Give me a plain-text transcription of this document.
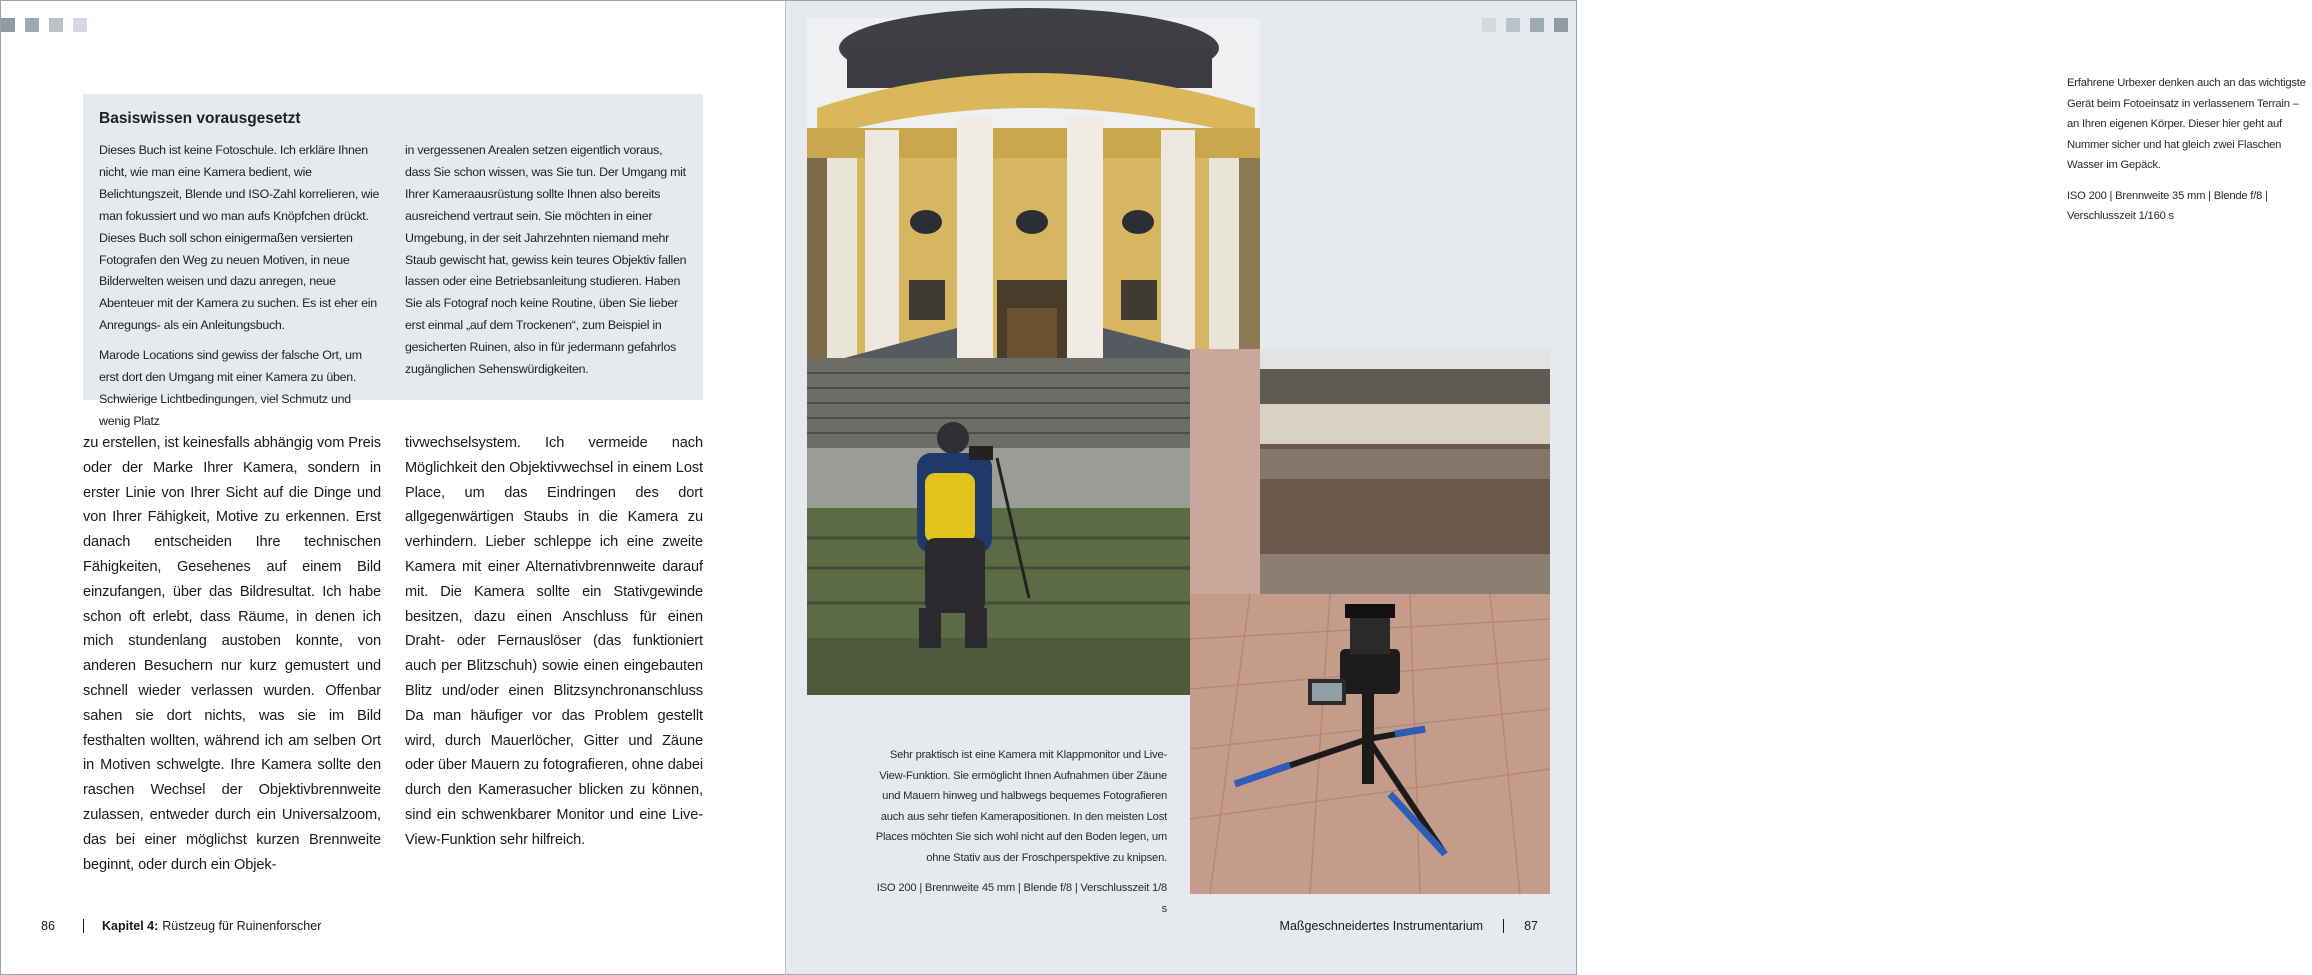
Basiswissen vorausgesetzt

Dieses Buch ist keine Fotoschule. Ich erkläre Ihnen nicht, wie man eine Kamera bedient, wie Belichtungszeit, Blende und ISO-Zahl korrelieren, wie man fokussiert und wo man aufs Knöpfchen drückt. Dieses Buch soll schon einigermaßen versierten Fotografen den Weg zu neuen Motiven, in neue Bilderwelten weisen und dazu anregen, neue Abenteuer mit der Kamera zu suchen. Es ist eher ein Anregungs- als ein Anleitungsbuch.

Marode Locations sind gewiss der falsche Ort, um erst dort den Umgang mit einer Kamera zu üben. Schwierige Lichtbedingungen, viel Schmutz und wenig Platz

in vergessenen Arealen setzen eigentlich voraus, dass Sie schon wissen, was Sie tun. Der Umgang mit Ihrer Kameraausrüstung sollte Ihnen also bereits ausreichend vertraut sein. Sie möchten in einer Umgebung, in der seit Jahrzehnten niemand mehr Staub gewischt hat, gewiss kein teures Objektiv fallen lassen oder eine Betriebsanleitung studieren. Haben Sie als Fotograf noch keine Routine, üben Sie lieber erst einmal „auf dem Trockenen“, zum Beispiel in gesicherten Ruinen, also in für jedermann gefahrlos zugänglichen Sehenswürdigkeiten.

zu erstellen, ist keinesfalls abhängig vom Preis oder der Marke Ihrer Kamera, sondern in erster Linie von Ihrer Sicht auf die Dinge und von Ihrer Fähigkeit, Motive zu erkennen. Erst danach entscheiden Ihre technischen Fähigkeiten, Gesehenes auf einem Bild einzufangen, über das Bildresultat. Ich habe schon oft erlebt, dass Räume, in denen ich mich stundenlang austoben konnte, von anderen Besuchern nur kurz gemustert und schnell wieder verlassen wurden. Offenbar sahen sie dort nichts, was sie im Bild festhalten wollten, während ich am selben Ort in Motiven schwelgte. Ihre Kamera sollte den raschen Wechsel der Objektivbrennweite zulassen, entweder durch ein Universalzoom, das bei einer möglichst kurzen Brennweite beginnt, oder durch ein Objek-
tivwechselsystem. Ich vermeide nach Möglichkeit den Objektivwechsel in einem Lost Place, um das Eindringen des dort allgegenwärtigen Staubs in die Kamera zu verhindern. Lieber schleppe ich eine zweite Kamera mit einer Alternativbrennweite darauf mit. Die Kamera sollte ein Stativgewinde besitzen, dazu einen Anschluss für einen Draht- oder Fernauslöser (das funktioniert auch per Blitzschuh) sowie einen eingebauten Blitz und/oder einen Blitzsynchronanschluss Da man häufiger vor das Problem gestellt wird, durch Mauerlöcher, Gitter und Zäune oder über Mauern zu fotografieren, ohne dabei durch den Kamerasucher blicken zu können, sind ein schwenkbarer Monitor und eine Live-View-Funktion sehr hilfreich.
86	Kapitel 4: Rüstzeug für Ruinenforscher

Erfahrene Urbexer denken auch an das wichtigste Gerät beim Fotoeinsatz in verlassenem Terrain – an Ihren eigenen Körper. Dieser hier geht auf Nummer sicher und hat gleich zwei Flaschen Wasser im Gepäck.

ISO 200 | Brennweite 35 mm | Blende f/8 | Verschlusszeit 1/160 s

Sehr praktisch ist eine Kamera mit Klappmonitor und Live-View-Funktion. Sie ermöglicht Ihnen Aufnahmen über Zäune und Mauern hinweg und halbwegs bequemes Fotografieren auch aus sehr tiefen Kamerapositionen. In den meisten Lost Places möchten Sie sich wohl nicht auf den Boden legen, um ohne Stativ aus der Froschperspektive zu knipsen.

ISO 200 | Brennweite 45 mm | Blende f/8 | Verschlusszeit 1/8 s

Maßgeschneidertes Instrumentarium	87
